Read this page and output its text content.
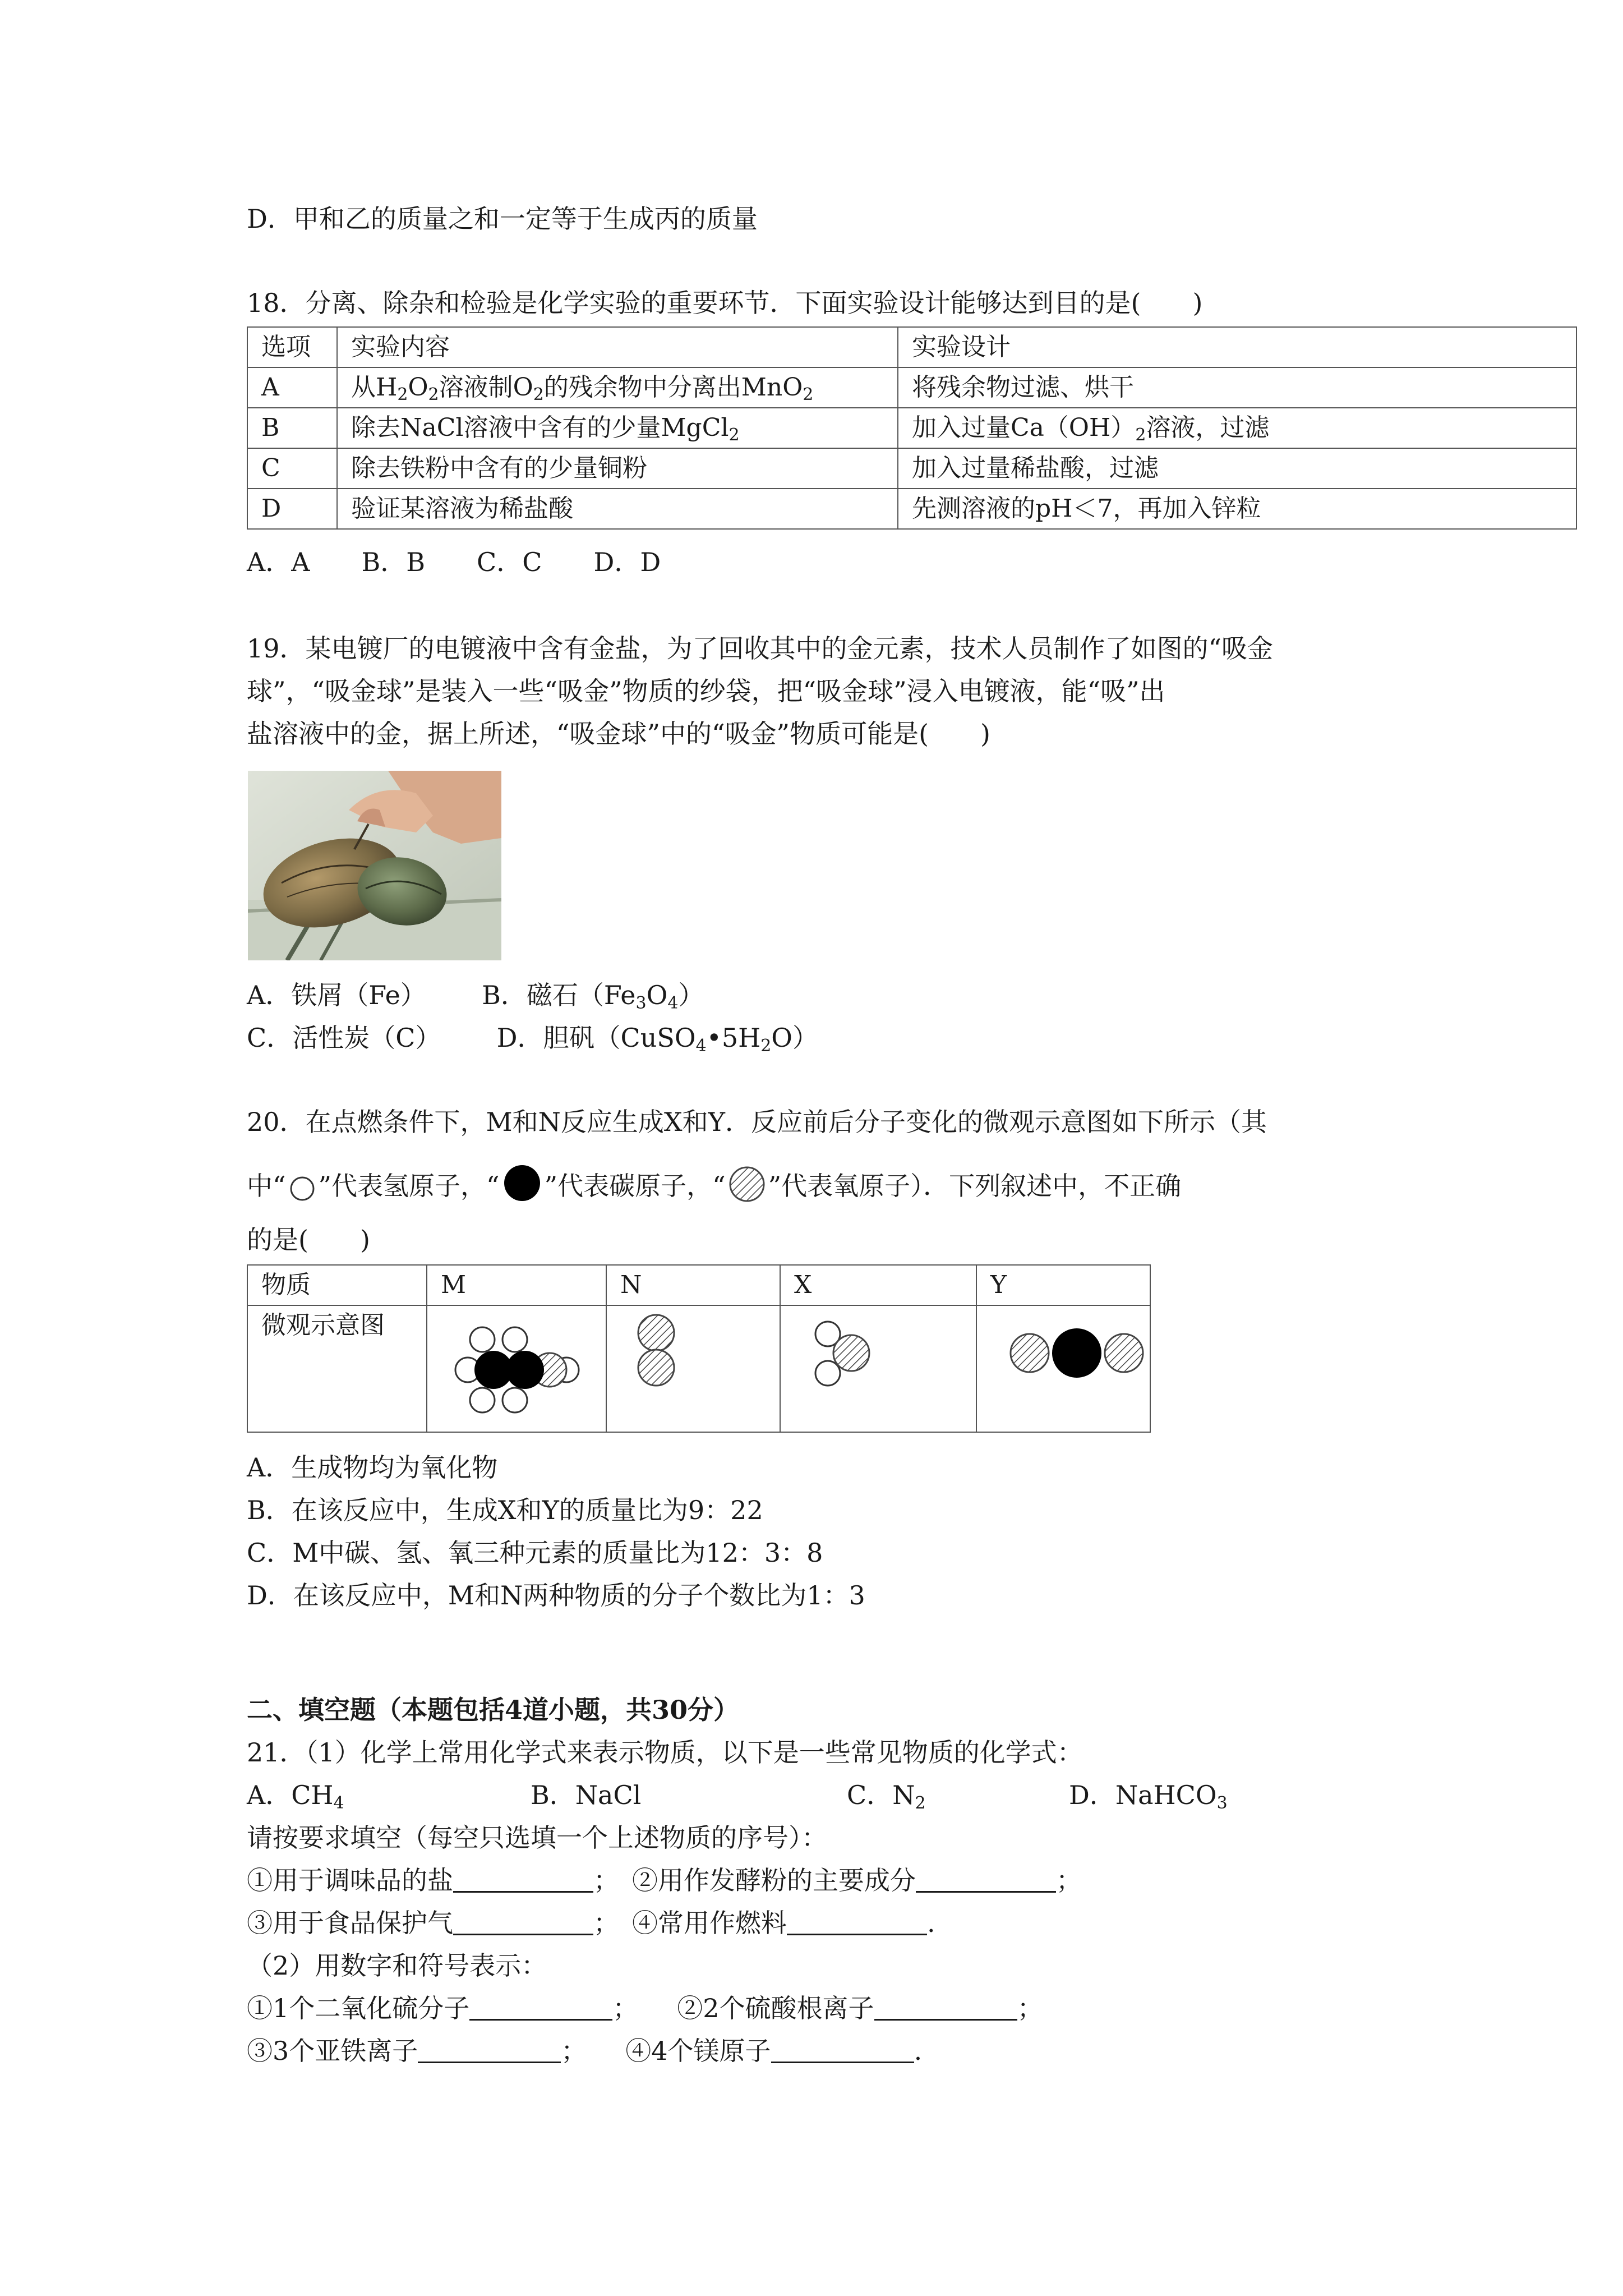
D．甲和乙的质量之和一定等于生成丙的质量
18．分离、除杂和检验是化学实验的重要环节．下面实验设计能够达到目的是(　　)
选项	实验内容	实验设计
A	从$H_2O_2$溶液制$O_2$的残余物中分离出MnO$_2$	将残余物过滤、烘干
B	除去NaCl溶液中含有的少量MgCl$_2$	加入过量$Ca(OH)_2$溶液，过滤
C	除去铁粉中含有的少量铜粉	加入过量稀盐酸，过滤
D	验证某溶液为稀盐酸	先测溶液的pH＜7，再加入锌粒
A．A　　B．B　　C．C　　D．D
19．某电镀厂的电镀液中含有金盐，为了回收其中的金元素，技术人员制作了如图的“吸金
球”，“吸金球”是装入一些“吸金”物质的纱袋，把“吸金球”浸入电镀液，能“吸”出
盐溶液中的金，据上所述，“吸金球”中的“吸金”物质可能是(　　)
A．铁屑（Fe） B．磁石$(Fe_3O_4)$
C．活性炭（C） D．胆矾$(CuSO_4•5H_2O)$
20．在点燃条件下，M和N反应生成X和Y．反应前后分子变化的微观示意图如下所示（其
中“ ”代表氢原子，“ ”代表碳原子，“ ”代表氧原子）．下列叙述中，不正确
的是(　　)
物质	M	N	X	Y
微观示意图				
A．生成物均为氧化物
B．在该反应中，生成X和Y的质量比为9：22
C．M中碳、氢、氧三种元素的质量比为12：3：8
D．在该反应中，M和N两种物质的分子个数比为1：3
二、填空题（本题包括4道小题，共30分）
21．（1）化学上常用化学式来表示物质，以下是一些常见物质的化学式：
A．$CH_4$	B．NaCl	C．$N_2$	D．NaHCO$_3$
请按要求填空（每空只选填一个上述物质的序号）：
①用于调味品的盐	；　 ②用作发酵粉的主要成分	；
③用于食品保护气	；　 ④常用作燃料	.
（2）用数字和符号表示：
①1个二氧化硫分子	；　　 ②2个硫酸根离子	；
③3个亚铁离子	；　　 ④4个镁原子	.
